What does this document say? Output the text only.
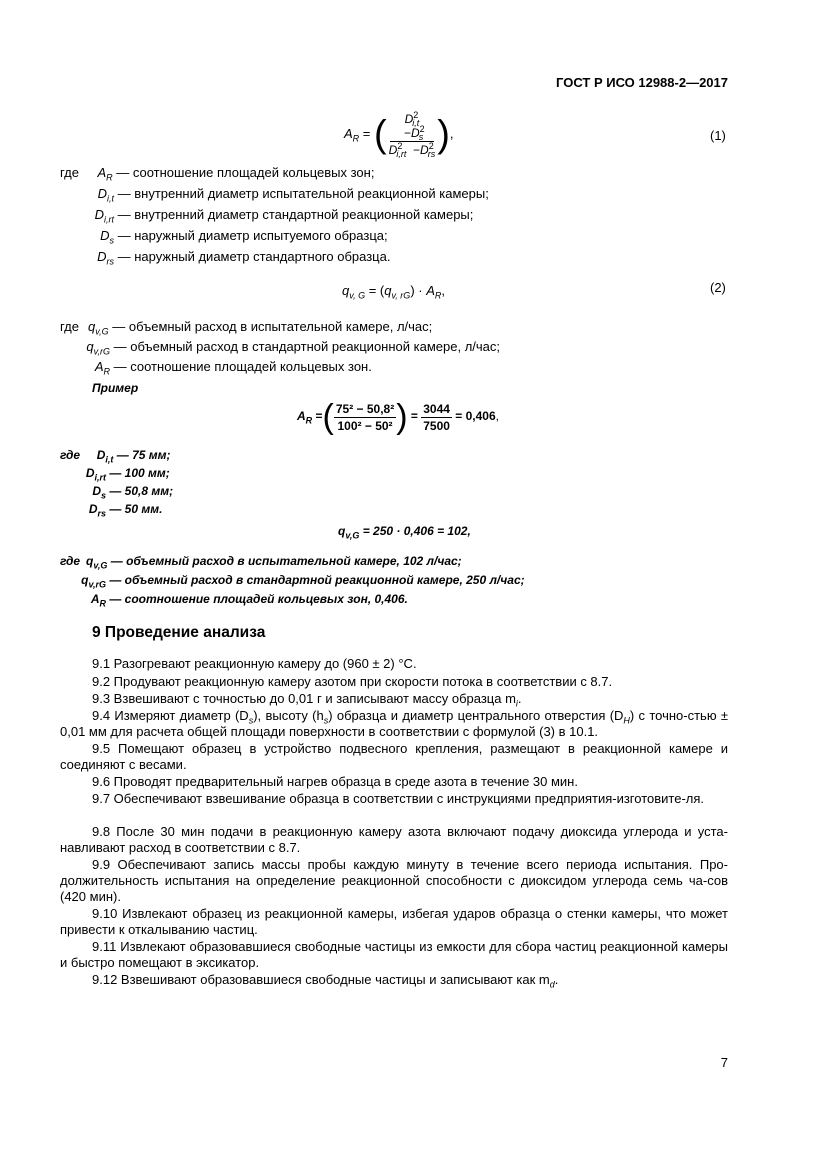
ГОСТ Р ИСО 12988-2—2017
$A_R$ = ( $\frac{D^2_{i,t} -D^2_s}{D^2_{i,rt} -D^2_{rs}}$ ),	(1)
где $A_R$ — соотношение площадей кольцевых зон;
$D_{i,t}$ — внутренний диаметр испытательной реакционной камеры;
$D_{i,rt}$ — внутренний диаметр стандартной реакционной камеры;
$D_s$ — наружный диаметр испытуемого образца;
$D_{rs}$ — наружный диаметр стандартного образца.
$q_{v, G} = (q_{v, rG}) \cdot A_R$,	(2)
где $q_{v,G}$ — объемный расход в испытательной камере, л/час;
$q_{v,rG}$ — объемный расход в стандартной реакционной камере, л/час;
$A_R$ — соотношение площадей кольцевых зон.
Пример
$A_R$ =( $\frac{\text{75² − 50,8²}}{\text{100² − 50²}}$ ) = $\frac{3044}{7500} = 0,406$,
где $D_{i,t}$ — 75 мм;
$D_{i,rt}$ — 100 мм;
$D_s$ — 50,8 мм;
$D_{rs}$ — 50 мм.
$q_{v,G} = 250 \cdot 0,406 = 102$,
где $q_{v,G}$ — объемный расход в испытательной камере, 102 л/час;
$q_{v,rG}$ — объемный расход в стандартной реакционной камере, 250 л/час;
$A_R$ — соотношение площадей кольцевых зон, 0,406.
9 Проведение анализа
9.1 Разогревают реакционную камеру до (960 ± 2) °C.
9.2 Продувают реакционную камеру азотом при скорости потока в соответствии с 8.7.
9.3 Взвешивают с точностью до 0,01 г и записывают массу образца $m_i$.
9.4 Измеряют диаметр $(D_s)$, высоту $(h_s)$ образца и диаметр центрального отверстия $(D_H)$ с точно-стью ± 0,01 мм для расчета общей площади поверхности в соответствии с формулой (3) в 10.1.
9.5 Помещают образец в устройство подвесного крепления, размещают в реакционной камере и соединяют с весами.
9.6 Проводят предварительный нагрев образца в среде азота в течение 30 мин.
9.7 Обеспечивают взвешивание образца в соответствии с инструкциями предприятия-изготовите-ля.
9.8 После 30 мин подачи в реакционную камеру азота включают подачу диоксида углерода и уста-навливают расход в соответствии с 8.7.
9.9 Обеспечивают запись массы пробы каждую минуту в течение всего периода испытания. Про-должительность испытания на определение реакционной способности с диоксидом углерода семь ча-сов (420 мин).
9.10 Извлекают образец из реакционной камеры, избегая ударов образца о стенки камеры, что может привести к откалыванию частиц.
9.11 Извлекают образовавшиеся свободные частицы из емкости для сбора частиц реакционной камеры и быстро помещают в эксикатор.
9.12 Взвешивают образовавшиеся свободные частицы и записывают как $m_d$.
7
